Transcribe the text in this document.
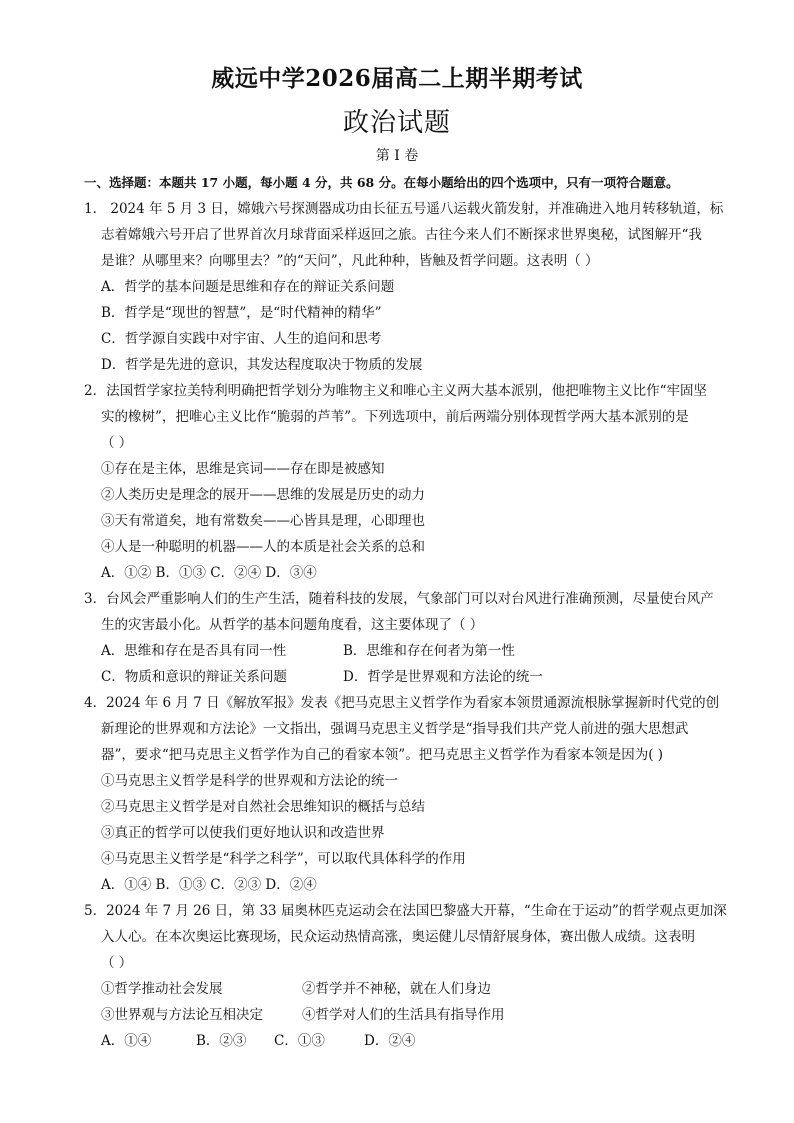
威远中学2026届高二上期半期考试
政治试题
第 I 卷
一、选择题：本题共 17 小题，每小题 4 分，共 68 分。在每小题给出的四个选项中，只有一项符合题意。
1． 2024 年 5 月 3 日，嫦娥六号探测器成功由长征五号遥八运载火箭发射，并准确进入地月转移轨道，标
志着嫦娥六号开启了世界首次月球背面采样返回之旅。古往今来人们不断探求世界奥秘，试图解开“我
是谁？从哪里来？向哪里去？”的“天问”，凡此种种，皆触及哲学问题。这表明（ ）
A．哲学的基本问题是思维和存在的辩证关系问题
B．哲学是“现世的智慧”，是“时代精神的精华”
C．哲学源自实践中对宇宙、人生的追问和思考
D．哲学是先进的意识，其发达程度取决于物质的发展
2．法国哲学家拉美特利明确把哲学划分为唯物主义和唯心主义两大基本派别，他把唯物主义比作“牢固坚
实的橡树”，把唯心主义比作“脆弱的芦苇”。下列选项中，前后两端分别体现哲学两大基本派别的是
（ ）
①存在是主体，思维是宾词——存在即是被感知
②人类历史是理念的展开——思维的发展是历史的动力
③天有常道矣，地有常数矣——心皆具是理，心即理也
④人是一种聪明的机器——人的本质是社会关系的总和
A．①② B．①③ C．②④ D．③④
3．台风会严重影响人们的生产生活，随着科技的发展，气象部门可以对台风进行准确预测，尽量使台风产
生的灾害最小化。从哲学的基本问题角度看，这主要体现了（ ）
A．思维和存在是否具有同一性	B．思维和存在何者为第一性
C．物质和意识的辩证关系问题	D．哲学是世界观和方法论的统一
4．2024 年 6 月 7 日《解放军报》发表《把马克思主义哲学作为看家本领贯通源流根脉掌握新时代党的创
新理论的世界观和方法论》一文指出，强调马克思主义哲学是“指导我们共产党人前进的强大思想武
器”，要求“把马克思主义哲学作为自己的看家本领”。把马克思主义哲学作为看家本领是因为( )
①马克思主义哲学是科学的世界观和方法论的统一
②马克思主义哲学是对自然社会思维知识的概括与总结
③真正的哲学可以使我们更好地认识和改造世界
④马克思主义哲学是“科学之科学”，可以取代具体科学的作用
A．①④ B．①③ C．②③ D．②④
5．2024 年 7 月 26 日，第 33 届奥林匹克运动会在法国巴黎盛大开幕，“生命在于运动”的哲学观点更加深
入人心。在本次奥运比赛现场，民众运动热情高涨，奥运健儿尽情舒展身体，赛出傲人成绩。这表明
（ ）
①哲学推动社会发展	②哲学并不神秘，就在人们身边
③世界观与方法论互相决定	④哲学对人们的生活具有指导作用
A．①④	B．②③ C．①③	D．②④
